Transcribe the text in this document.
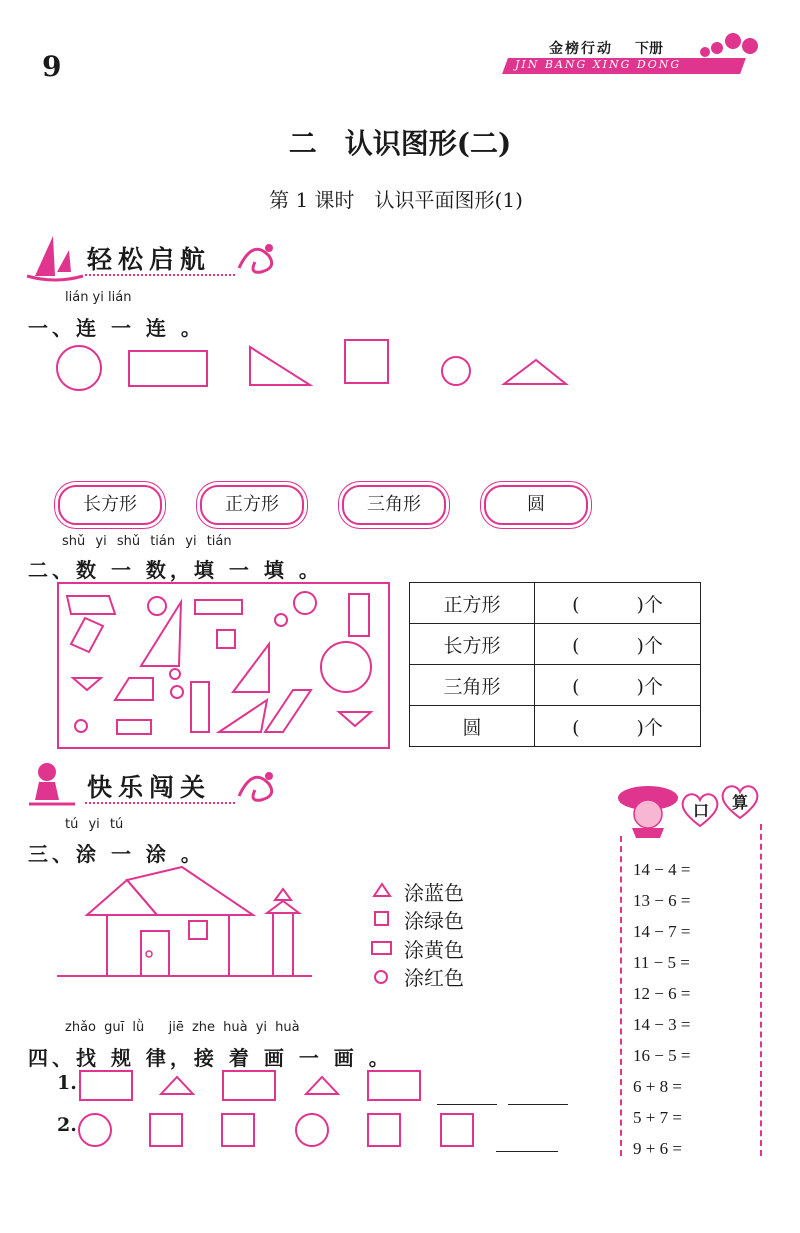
9
金榜行动 下册
JIN BANG XING DONG
二　认识图形(二)
第 1 课时　认识平面图形(1)
轻松启航
lián yi lián
一、连 一 连 。
长方形	正方形	三角形	圆
shǔ yi shǔ tián yi tián
二、数 一 数，填 一 填 。
正方形	(　　　)个
长方形	(　　　)个
三角形	(　　　)个
圆	(　　　)个
快乐闯关
tú yi tú
三、涂 一 涂 。
涂蓝色
涂绿色
涂黄色
涂红色
zhǎo guī lǜ   jiē zhe huà yi huà
四、找 规 律，接 着 画 一 画 。
1.
2.
口 算
14 − 4 =
13 − 6 =
14 − 7 =
11 − 5 =
12 − 6 =
14 − 3 =
16 − 5 =
6 + 8 =
5 + 7 =
9 + 6 =
